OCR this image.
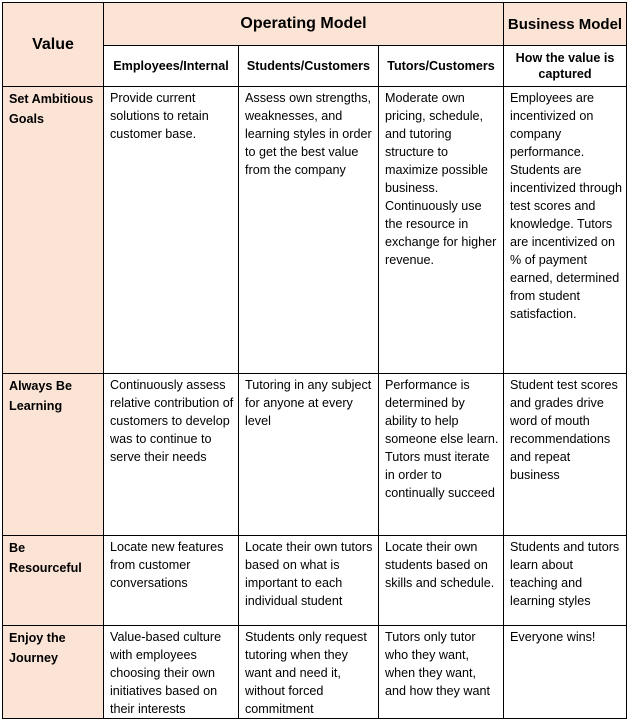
Value	Operating Model			Business Model
	Employees/Internal	Students/Customers	Tutors/Customers	How the value is captured
Set Ambitious Goals	Provide current solutions to retain customer base.	Assess own strengths, weaknesses, and learning styles in order to get the best value from the company	Moderate own pricing, schedule, and tutoring structure to maximize possible business. Continuously use the resource in exchange for higher revenue.	Employees are incentivized on company performance. Students are incentivized through test scores and knowledge. Tutors are incentivized on % of payment earned, determined from student satisfaction.
Always Be Learning	Continuously assess relative contribution of customers to develop was to continue to serve their needs	Tutoring in any subject for anyone at every level	Performance is determined by ability to help someone else learn. Tutors must iterate in order to continually succeed	Student test scores and grades drive word of mouth recommendations and repeat business
Be Resourceful	Locate new features from customer conversations	Locate their own tutors based on what is important to each individual student	Locate their own students based on skills and schedule.	Students and tutors learn about teaching and learning styles
Enjoy the Journey	Value-based culture with employees choosing their own initiatives based on their interests	Students only request tutoring when they want and need it, without forced commitment	Tutors only tutor who they want, when they want, and how they want	Everyone wins!
